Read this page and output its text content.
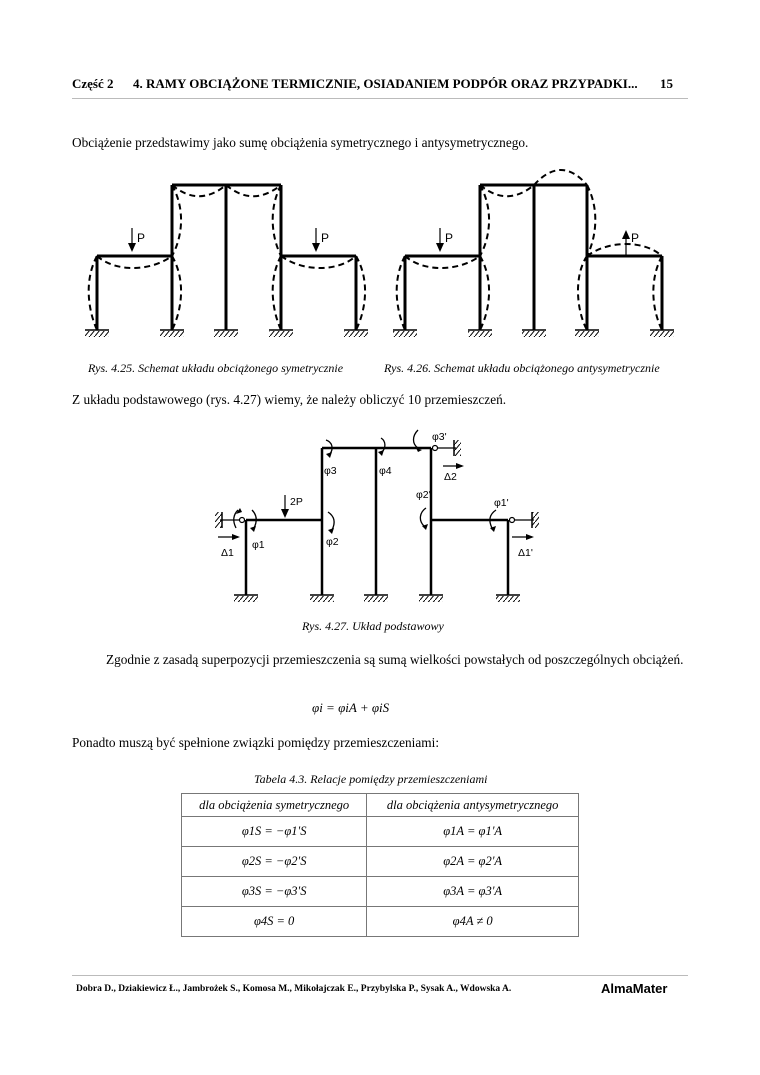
Część 2 4. RAMY OBCIĄŻONE TERMICZNIE, OSIADANIEM PODPÓR ORAZ PRZYPADKI... 15
Obciążenie przedstawimy jako sumę obciążenia symetrycznego i antysymetrycznego.
P	P	P	P
Rys. 4.25. Schemat układu obciążonego symetrycznie	Rys. 4.26. Schemat układu obciążonego antysymetrycznie
Z układu podstawowego (rys. 4.27) wiemy, że należy obliczyć 10 przemieszczeń.
2P
φ1	φ2
φ3	φ4
φ1'
φ2'
φ3'
Δ1	Δ1'
Δ2
Rys. 4.27. Układ podstawowy
Zgodnie z zasadą superpozycji przemieszczenia są sumą wielkości powstałych od poszczególnych obciążeń.
φi = φiA + φiS
Ponadto muszą być spełnione związki pomiędzy przemieszczeniami:
Tabela 4.3. Relacje pomiędzy przemieszczeniami
dla obciążenia symetrycznego	dla obciążenia antysymetrycznego
φ1S = −φ1'S	φ1A = φ1'A
φ2S = −φ2'S	φ2A = φ2'A
φ3S = −φ3'S	φ3A = φ3'A
φ4S = 0	φ4A ≠ 0
Dobra D., Dziakiewicz Ł., Jambrożek S., Komosa M., Mikołajczak E., Przybylska P., Sysak A., Wdowska A.	AlmaMater
